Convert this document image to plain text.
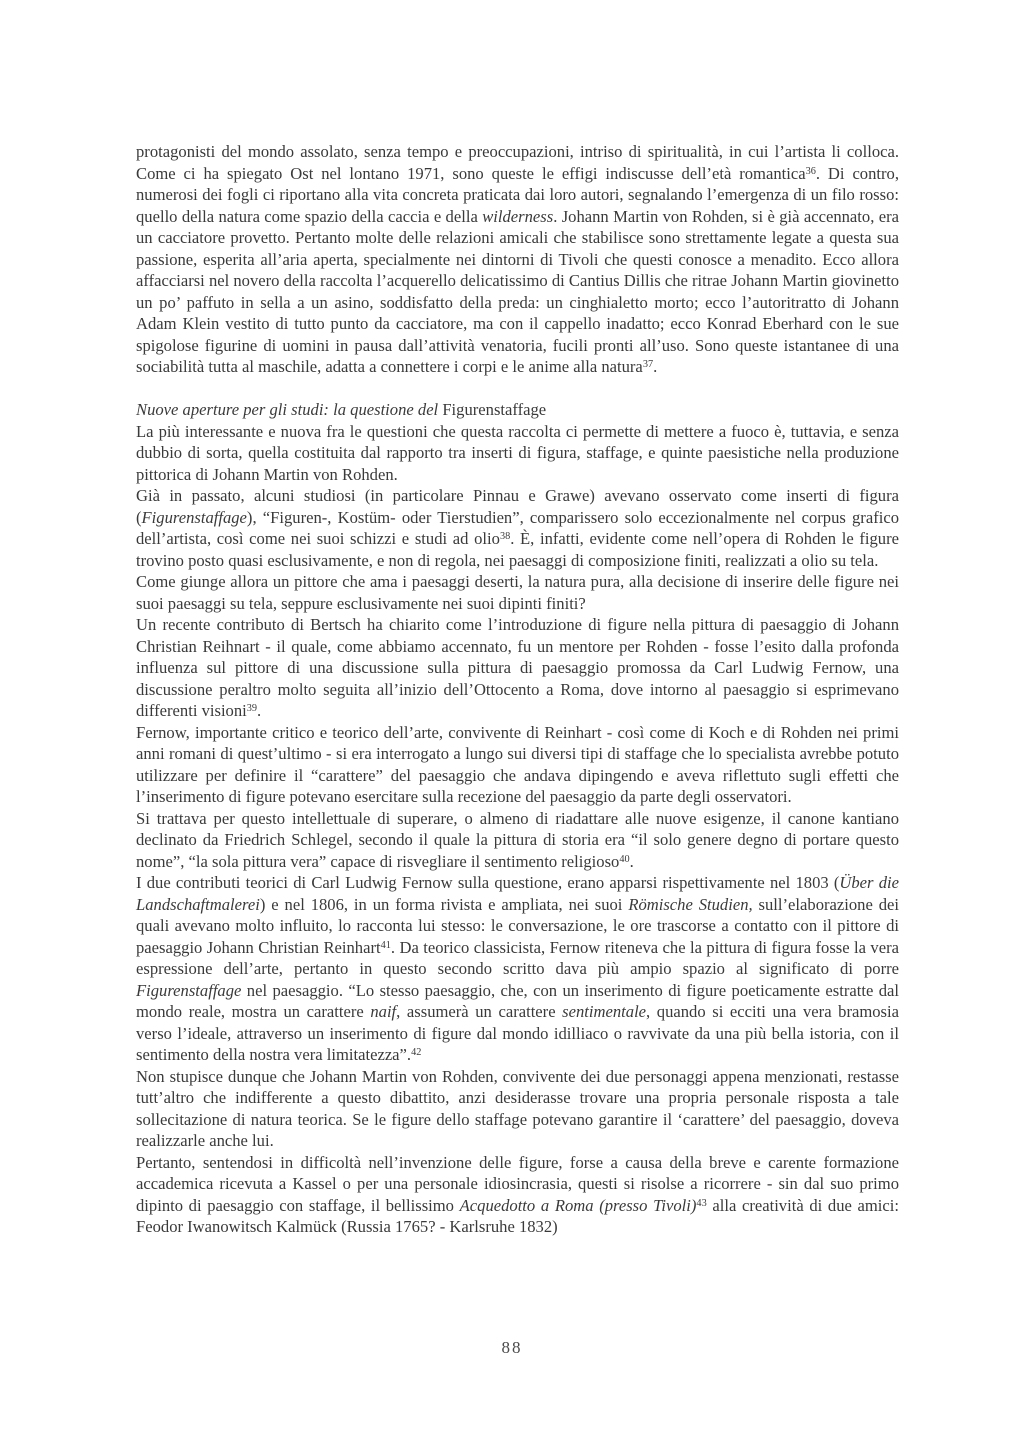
protagonisti del mondo assolato, senza tempo e preoccupazioni, intriso di spiritualità, in cui l’artista li colloca. Come ci ha spiegato Ost nel lontano 1971, sono queste le effigi indiscusse dell’età romantica$^{36}$. Di contro, numerosi dei fogli ci riportano alla vita concreta praticata dai loro autori, segnalando l’emergenza di un filo rosso: quello della natura come spazio della caccia e della wilderness. Johann Martin von Rohden, si è già accennato, era un cacciatore provetto. Pertanto molte delle relazioni amicali che stabilisce sono strettamente legate a questa sua passione, esperita all’aria aperta, specialmente nei dintorni di Tivoli che questi conosce a menadito. Ecco allora affacciarsi nel novero della raccolta l’acquerello delicatissimo di Cantius Dillis che ritrae Johann Martin giovinetto un po’ paffuto in sella a un asino, soddisfatto della preda: un cinghialetto morto; ecco l’autoritratto di Johann Adam Klein vestito di tutto punto da cacciatore, ma con il cappello inadatto; ecco Konrad Eberhard con le sue spigolose figurine di uomini in pausa dall’attività venatoria, fucili pronti all’uso. Sono queste istantanee di una sociabilità tutta al maschile, adatta a connettere i corpi e le anime alla natura$^{37}$.

Nuove aperture per gli studi: la questione del Figurenstaffage

La più interessante e nuova fra le questioni che questa raccolta ci permette di mettere a fuoco è, tuttavia, e senza dubbio di sorta, quella costituita dal rapporto tra inserti di figura, staffage, e quinte paesistiche nella produzione pittorica di Johann Martin von Rohden.

Già in passato, alcuni studiosi (in particolare Pinnau e Grawe) avevano osservato come inserti di figura (Figurenstaffage), “Figuren-, Kostüm- oder Tierstudien”, comparissero solo eccezionalmente nel corpus grafico dell’artista, così come nei suoi schizzi e studi ad olio$^{38}$. È, infatti, evidente come nell’opera di Rohden le figure trovino posto quasi esclusivamente, e non di regola, nei paesaggi di composizione finiti, realizzati a olio su tela.

Come giunge allora un pittore che ama i paesaggi deserti, la natura pura, alla decisione di inserire delle figure nei suoi paesaggi su tela, seppure esclusivamente nei suoi dipinti finiti?

Un recente contributo di Bertsch ha chiarito come l’introduzione di figure nella pittura di paesaggio di Johann Christian Reihnart - il quale, come abbiamo accennato, fu un mentore per Rohden - fosse l’esito dalla profonda influenza sul pittore di una discussione sulla pittura di paesaggio promossa da Carl Ludwig Fernow, una discussione peraltro molto seguita all’inizio dell’Ottocento a Roma, dove intorno al paesaggio si esprimevano differenti visioni$^{39}$.

Fernow, importante critico e teorico dell’arte, convivente di Reinhart - così come di Koch e di Rohden nei primi anni romani di quest’ultimo - si era interrogato a lungo sui diversi tipi di staffage che lo specialista avrebbe potuto utilizzare per definire il “carattere” del paesaggio che andava dipingendo e aveva riflettuto sugli effetti che l’inserimento di figure potevano esercitare sulla recezione del paesaggio da parte degli osservatori.

Si trattava per questo intellettuale di superare, o almeno di riadattare alle nuove esigenze, il canone kantiano declinato da Friedrich Schlegel, secondo il quale la pittura di storia era “il solo genere degno di portare questo nome”, “la sola pittura vera” capace di risvegliare il sentimento religioso$^{40}$.

I due contributi teorici di Carl Ludwig Fernow sulla questione, erano apparsi rispettivamente nel 1803 (Über die Landschaftmalerei) e nel 1806, in un forma rivista e ampliata, nei suoi Römische Studien, sull’elaborazione dei quali avevano molto influito, lo racconta lui stesso: le conversazione, le ore trascorse a contatto con il pittore di paesaggio Johann Christian Reinhart$^{41}$. Da teorico classicista, Fernow riteneva che la pittura di figura fosse la vera espressione dell’arte, pertanto in questo secondo scritto dava più ampio spazio al significato di porre Figurenstaffage nel paesaggio. “Lo stesso paesaggio, che, con un inserimento di figure poeticamente estratte dal mondo reale, mostra un carattere naif, assumerà un carattere sentimentale, quando si ecciti una vera bramosia verso l’ideale, attraverso un inserimento di figure dal mondo idilliaco o ravvivate da una più bella istoria, con il sentimento della nostra vera limitatezza”.$^{42}$

Non stupisce dunque che Johann Martin von Rohden, convivente dei due personaggi appena menzionati, restasse tutt’altro che indifferente a questo dibattito, anzi desiderasse trovare una propria personale risposta a tale sollecitazione di natura teorica. Se le figure dello staffage potevano garantire il ‘carattere’ del paesaggio, doveva realizzarle anche lui.

Pertanto, sentendosi in difficoltà nell’invenzione delle figure, forse a causa della breve e carente formazione accademica ricevuta a Kassel o per una personale idiosincrasia, questi si risolse a ricorrere - sin dal suo primo dipinto di paesaggio con staffage, il bellissimo Acquedotto a Roma (presso Tivoli)$^{43}$ alla creatività di due amici: Feodor Iwanowitsch Kalmück (Russia 1765? - Karlsruhe 1832)

88
